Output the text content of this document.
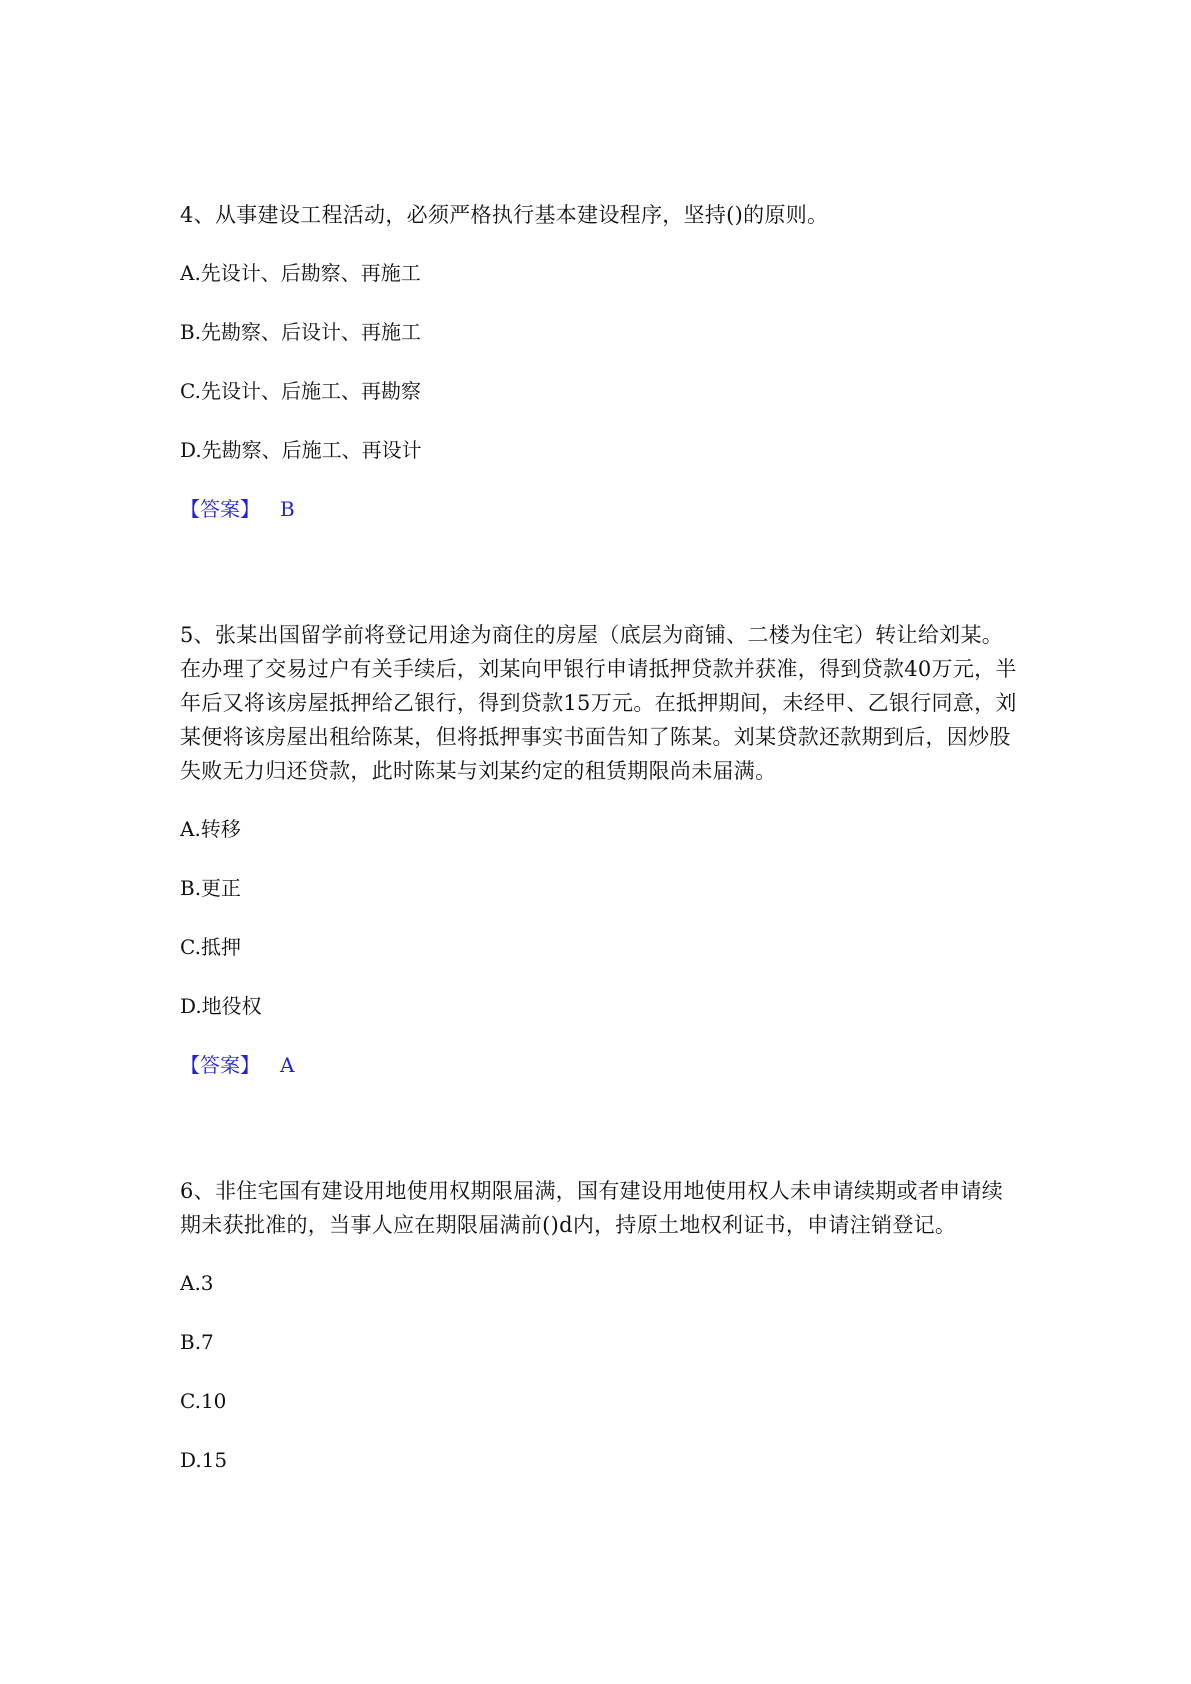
4、从事建设工程活动，必须严格执行基本建设程序，坚持()的原则。

A.先设计、后勘察、再施工
B.先勘察、后设计、再施工
C.先设计、后施工、再勘察
D.先勘察、后施工、再设计
【答案】 B

5、张某出国留学前将登记用途为商住的房屋（底层为商铺、二楼为住宅）转让给刘某。在办理了交易过户有关手续后，刘某向甲银行申请抵押贷款并获准，得到贷款40万元，半年后又将该房屋抵押给乙银行，得到贷款15万元。在抵押期间，未经甲、乙银行同意，刘某便将该房屋出租给陈某，但将抵押事实书面告知了陈某。刘某贷款还款期到后，因炒股失败无力归还贷款，此时陈某与刘某约定的租赁期限尚未届满。

A.转移
B.更正
C.抵押
D.地役权
【答案】 A

6、非住宅国有建设用地使用权期限届满，国有建设用地使用权人未申请续期或者申请续期未获批准的，当事人应在期限届满前()d内，持原土地权利证书，申请注销登记。

A.3
B.7
C.10
D.15
